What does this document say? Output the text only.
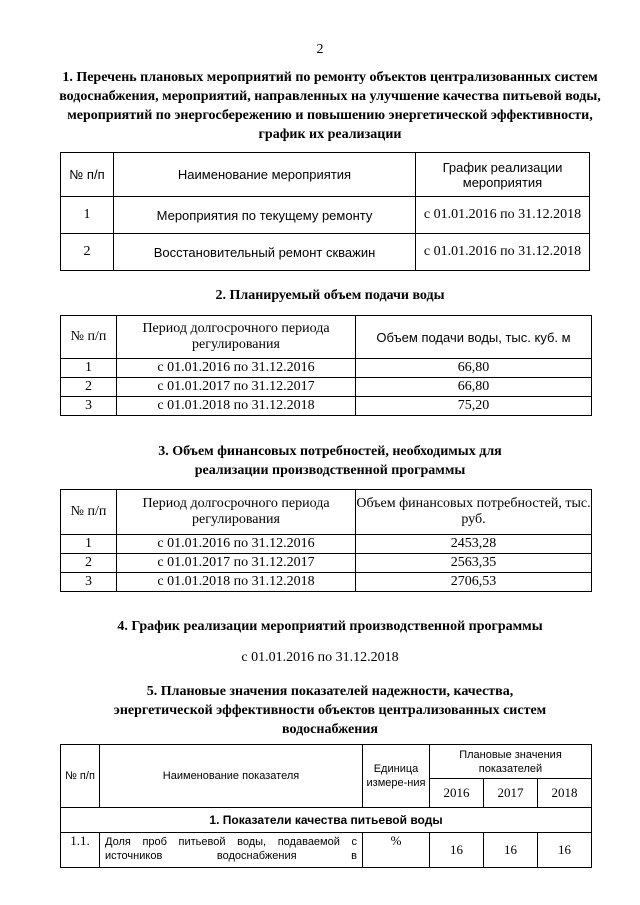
2
1. Перечень плановых мероприятий по ремонту объектов централизованных систем водоснабжения, мероприятий, направленных на улучшение качества питьевой воды, мероприятий по энергосбережению и повышению энергетической эффективности, график их реализации
№ п/п	Наименование мероприятия	График реализации мероприятия
1	Мероприятия по текущему ремонту	с 01.01.2016 по 31.12.2018
2	Восстановительный ремонт скважин	с 01.01.2016 по 31.12.2018
2. Планируемый объем подачи воды
№ п/п	Период долгосрочного периода регулирования	Объем подачи воды, тыс. куб. м
1	с 01.01.2016 по 31.12.2016	66,80
2	с 01.01.2017 по 31.12.2017	66,80
3	с 01.01.2018 по 31.12.2018	75,20
3. Объем финансовых потребностей, необходимых для реализации производственной программы
№ п/п	Период долгосрочного периода регулирования	Объем финансовых потребностей, тыс. руб.
1	с 01.01.2016 по 31.12.2016	2453,28
2	с 01.01.2017 по 31.12.2017	2563,35
3	с 01.01.2018 по 31.12.2018	2706,53
4. График реализации мероприятий производственной программы
с 01.01.2016 по 31.12.2018
5. Плановые значения показателей надежности, качества, энергетической эффективности объектов централизованных систем водоснабжения
№ п/п	Наименование показателя	Единица измере-ния	Плановые значения показателей		
			2016	2017	2018
1. Показатели качества питьевой воды					
1.1.	Доля проб питьевой воды, подаваемой с источников водоснабжения в	%	16	16	16
